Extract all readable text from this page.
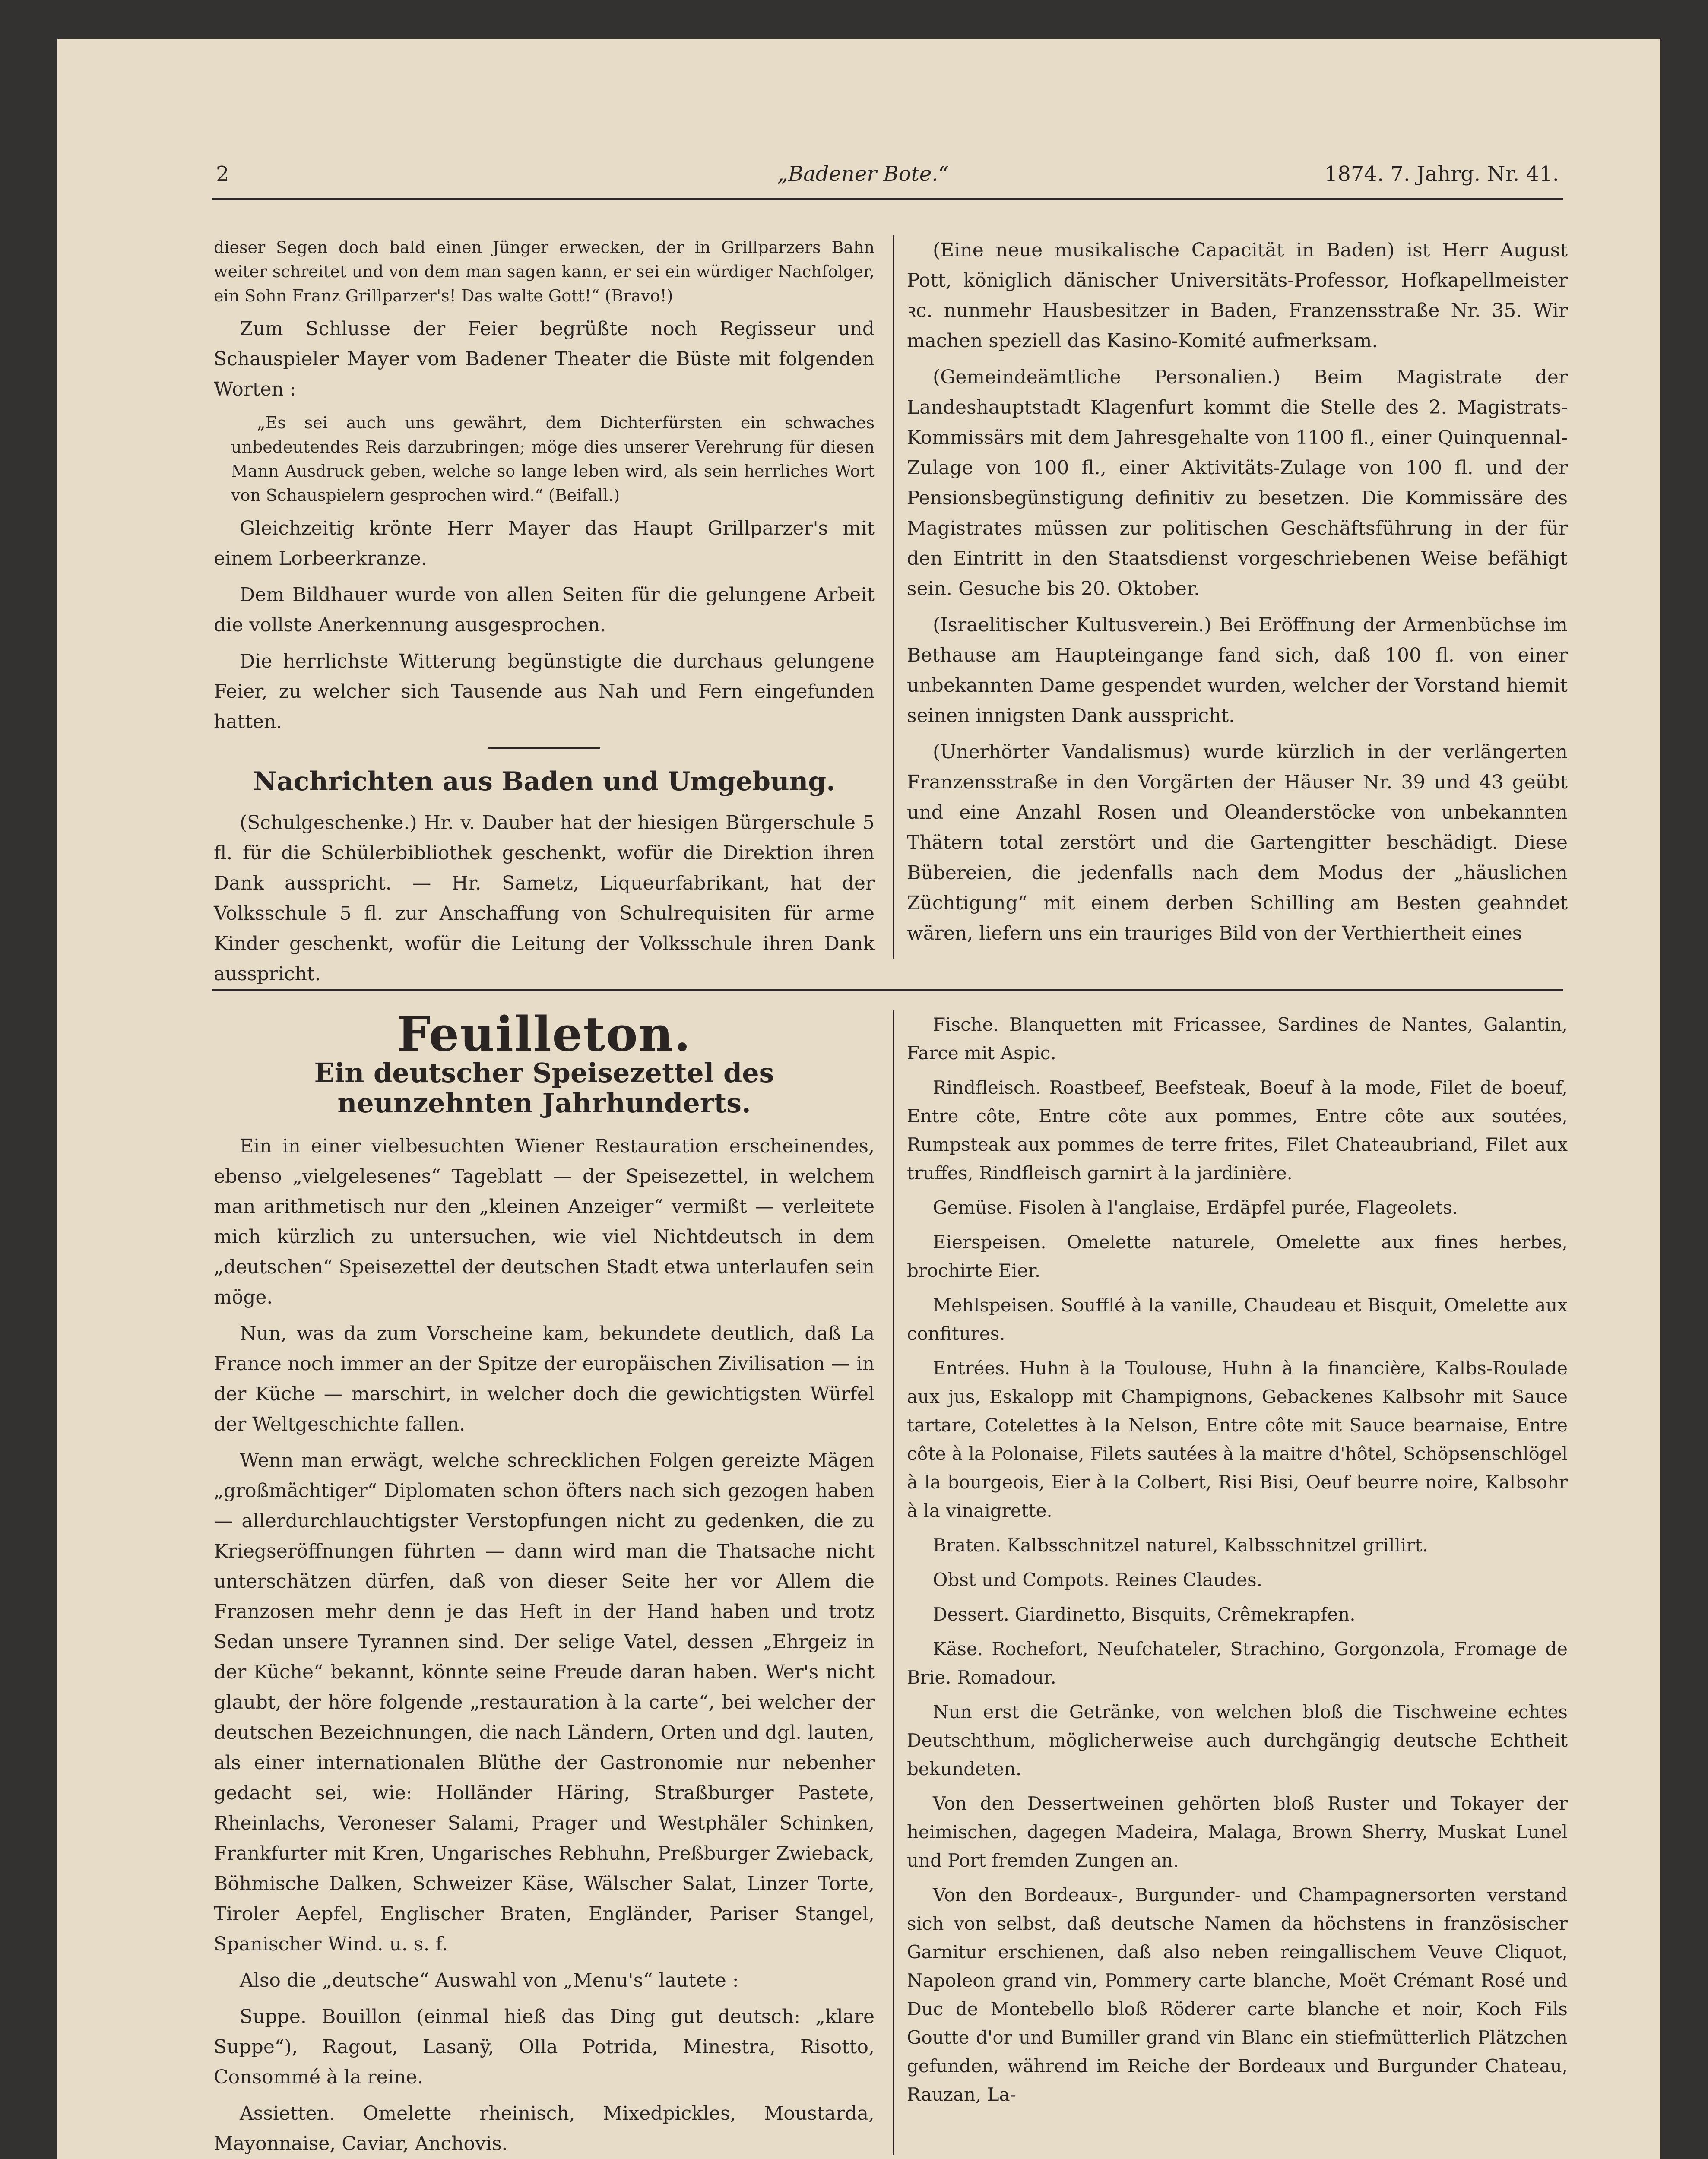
2	„Badener Bote.“	1874. 7. Jahrg. Nr. 41.

dieser Segen doch bald einen Jünger erwecken, der in Grillparzers Bahn weiter schreitet und von dem man sagen kann, er sei ein würdiger Nachfolger, ein Sohn Franz Grillparzer's! Das walte Gott!“ (Bravo!)

Zum Schlusse der Feier begrüßte noch Regisseur und Schauspieler Mayer vom Badener Theater die Büste mit folgenden Worten :

„Es sei auch uns gewährt, dem Dichterfürsten ein schwaches unbedeutendes Reis darzubringen; möge dies unserer Verehrung für diesen Mann Ausdruck geben, welche so lange leben wird, als sein herrliches Wort von Schauspielern gesprochen wird.“ (Beifall.)

Gleichzeitig krönte Herr Mayer das Haupt Grillparzer's mit einem Lorbeerkranze.

Dem Bildhauer wurde von allen Seiten für die gelungene Arbeit die vollste Anerkennung ausgesprochen.

Die herrlichste Witterung begünstigte die durchaus gelungene Feier, zu welcher sich Tausende aus Nah und Fern eingefunden hatten.

Nachrichten aus Baden und Umgebung.

(Schulgeschenke.) Hr. v. Dauber hat der hiesigen Bürgerschule 5 fl. für die Schülerbibliothek geschenkt, wofür die Direktion ihren Dank ausspricht. — Hr. Sametz, Liqueurfabrikant, hat der Volksschule 5 fl. zur Anschaffung von Schulrequisiten für arme Kinder geschenkt, wofür die Leitung der Volksschule ihren Dank ausspricht.

(Eine neue musikalische Capacität in Baden) ist Herr August Pott, königlich dänischer Universitäts-Professor, Hofkapellmeister ꝛc. nunmehr Hausbesitzer in Baden, Franzensstraße Nr. 35. Wir machen speziell das Kasino-Komité aufmerksam.

(Gemeindeämtliche Personalien.) Beim Magistrate der Landeshauptstadt Klagenfurt kommt die Stelle des 2. Magistrats-Kommissärs mit dem Jahresgehalte von 1100 fl., einer Quinquennal-Zulage von 100 fl., einer Aktivitäts-Zulage von 100 fl. und der Pensionsbegünstigung definitiv zu besetzen. Die Kommissäre des Magistrates müssen zur politischen Geschäftsführung in der für den Eintritt in den Staatsdienst vorgeschriebenen Weise befähigt sein. Gesuche bis 20. Oktober.

(Israelitischer Kultusverein.) Bei Eröffnung der Armenbüchse im Bethause am Haupteingange fand sich, daß 100 fl. von einer unbekannten Dame gespendet wurden, welcher der Vorstand hiemit seinen innigsten Dank ausspricht.

(Unerhörter Vandalismus) wurde kürzlich in der verlängerten Franzensstraße in den Vorgärten der Häuser Nr. 39 und 43 geübt und eine Anzahl Rosen und Oleanderstöcke von unbekannten Thätern total zerstört und die Gartengitter beschädigt. Diese Bübereien, die jedenfalls nach dem Modus der „häuslichen Züchtigung“ mit einem derben Schilling am Besten geahndet wären, liefern uns ein trauriges Bild von der Verthiertheit eines

Feuilleton.
Ein deutscher Speisezettel des neunzehnten Jahrhunderts.

Ein in einer vielbesuchten Wiener Restauration erscheinendes, ebenso „vielgelesenes“ Tageblatt — der Speisezettel, in welchem man arithmetisch nur den „kleinen Anzeiger“ vermißt — verleitete mich kürzlich zu untersuchen, wie viel Nichtdeutsch in dem „deutschen“ Speisezettel der deutschen Stadt etwa unterlaufen sein möge.

Nun, was da zum Vorscheine kam, bekundete deutlich, daß La France noch immer an der Spitze der europäischen Zivilisation — in der Küche — marschirt, in welcher doch die gewichtigsten Würfel der Weltgeschichte fallen.

Wenn man erwägt, welche schrecklichen Folgen gereizte Mägen „großmächtiger“ Diplomaten schon öfters nach sich gezogen haben — allerdurchlauchtigster Verstopfungen nicht zu gedenken, die zu Kriegseröffnungen führten — dann wird man die Thatsache nicht unterschätzen dürfen, daß von dieser Seite her vor Allem die Franzosen mehr denn je das Heft in der Hand haben und trotz Sedan unsere Tyrannen sind. Der selige Vatel, dessen „Ehrgeiz in der Küche“ bekannt, könnte seine Freude daran haben. Wer's nicht glaubt, der höre folgende „restauration à la carte“, bei welcher der deutschen Bezeichnungen, die nach Ländern, Orten und dgl. lauten, als einer internationalen Blüthe der Gastronomie nur nebenher gedacht sei, wie: Holländer Häring, Straßburger Pastete, Rheinlachs, Veroneser Salami, Prager und Westphäler Schinken, Frankfurter mit Kren, Ungarisches Rebhuhn, Preßburger Zwieback, Böhmische Dalken, Schweizer Käse, Wälscher Salat, Linzer Torte, Tiroler Aepfel, Englischer Braten, Engländer, Pariser Stangel, Spanischer Wind. u. s. f.

Also die „deutsche“ Auswahl von „Menu's“ lautete :

Suppe. Bouillon (einmal hieß das Ding gut deutsch: „klare Suppe“), Ragout, Lasanÿ, Olla Potrida, Minestra, Risotto, Consommé à la reine.

Assietten. Omelette rheinisch, Mixedpickles, Moustarda, Mayonnaise, Caviar, Anchovis.

Fische. Blanquetten mit Fricassee, Sardines de Nantes, Galantin, Farce mit Aspic.

Rindfleisch. Roastbeef, Beefsteak, Boeuf à la mode, Filet de boeuf, Entre côte, Entre côte aux pommes, Entre côte aux soutées, Rumpsteak aux pommes de terre frites, Filet Chateaubriand, Filet aux truffes, Rindfleisch garnirt à la jardinière.

Gemüse. Fisolen à l'anglaise, Erdäpfel purée, Flageolets.

Eierspeisen. Omelette naturele, Omelette aux fines herbes, brochirte Eier.

Mehlspeisen. Soufflé à la vanille, Chaudeau et Bisquit, Omelette aux confitures.

Entrées. Huhn à la Toulouse, Huhn à la financière, Kalbs-Roulade aux jus, Eskalopp mit Champignons, Gebackenes Kalbsohr mit Sauce tartare, Cotelettes à la Nelson, Entre côte mit Sauce bearnaise, Entre côte à la Polonaise, Filets sautées à la maitre d'hôtel, Schöpsenschlögel à la bourgeois, Eier à la Colbert, Risi Bisi, Oeuf beurre noire, Kalbsohr à la vinaigrette.

Braten. Kalbsschnitzel naturel, Kalbsschnitzel grillirt.

Obst und Compots. Reines Claudes.

Dessert. Giardinetto, Bisquits, Crêmekrapfen.

Käse. Rochefort, Neufchateler, Strachino, Gorgonzola, Fromage de Brie. Romadour.

Nun erst die Getränke, von welchen bloß die Tischweine echtes Deutschthum, möglicherweise auch durchgängig deutsche Echtheit bekundeten.

Von den Dessertweinen gehörten bloß Ruster und Tokayer der heimischen, dagegen Madeira, Malaga, Brown Sherry, Muskat Lunel und Port fremden Zungen an.

Von den Bordeaux-, Burgunder- und Champagnersorten verstand sich von selbst, daß deutsche Namen da höchstens in französischer Garnitur erschienen, daß also neben reingallischem Veuve Cliquot, Napoleon grand vin, Pommery carte blanche, Moët Crémant Rosé und Duc de Montebello bloß Röderer carte blanche et noir, Koch Fils Goutte d'or und Bumiller grand vin Blanc ein stiefmütterlich Plätzchen gefunden, während im Reiche der Bordeaux und Burgunder Chateau, Rauzan, La-
